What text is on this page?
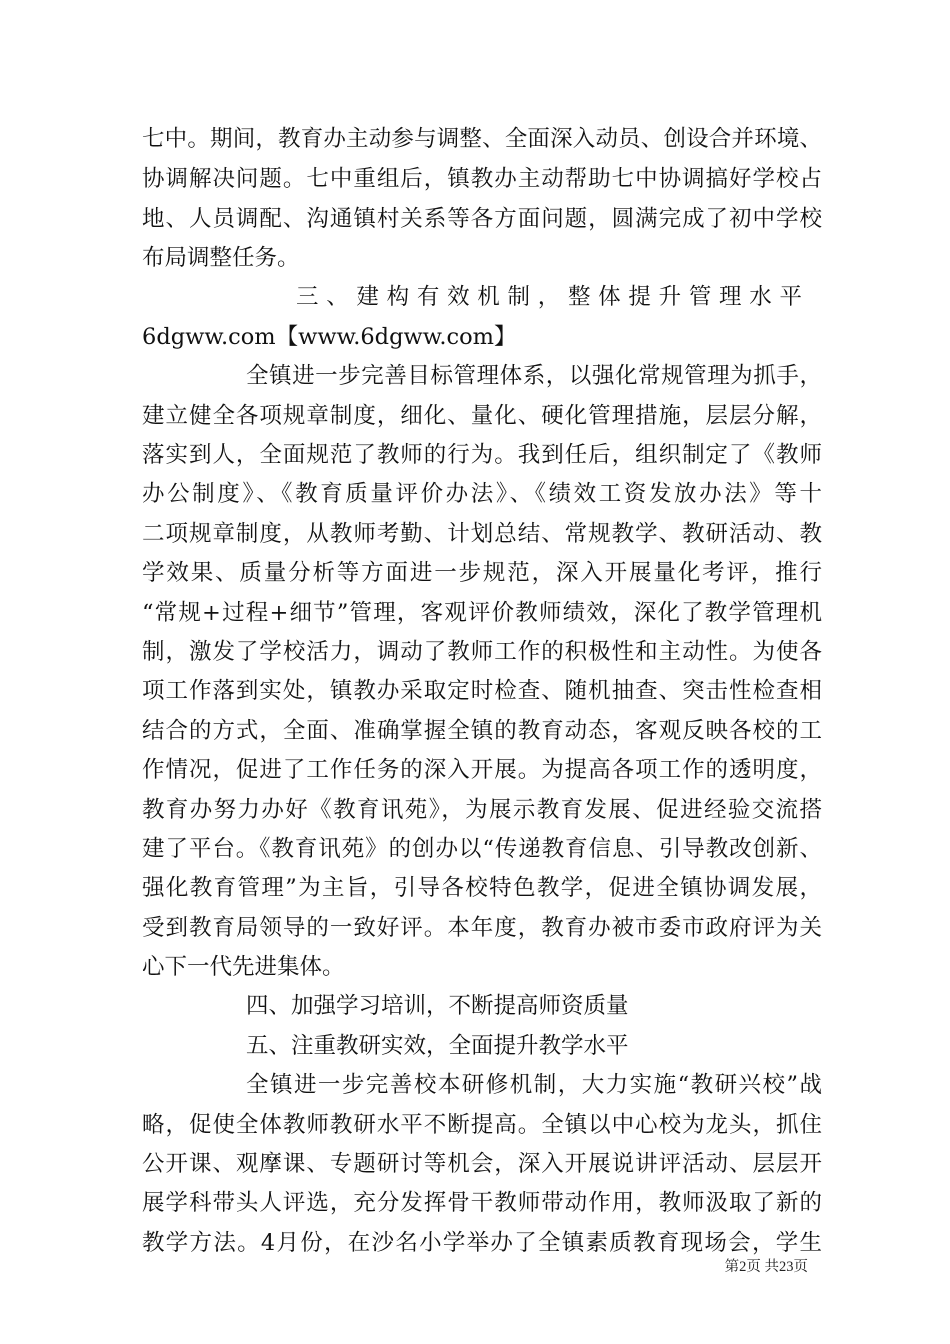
七中。期间，教育办主动参与调整、全面深入动员、创设合并环境、
协调解决问题。七中重组后，镇教办主动帮助七中协调搞好学校占
地、人员调配、沟通镇村关系等各方面问题，圆满完成了初中学校
布局调整任务。
三 、 建 构 有 效 机 制 ， 整 体 提 升 管 理 水 平
6dgww.com【www.6dgww.com】
全镇进一步完善目标管理体系，以强化常规管理为抓手，
建立健全各项规章制度，细化、量化、硬化管理措施，层层分解，
落实到人，全面规范了教师的行为。我到任后，组织制定了《教师
办公制度》、《教育质量评价办法》、《绩效工资发放办法》等十
二项规章制度，从教师考勤、计划总结、常规教学、教研活动、教
学效果、质量分析等方面进一步规范，深入开展量化考评，推行
“常规+过程+细节”管理，客观评价教师绩效，深化了教学管理机
制，激发了学校活力，调动了教师工作的积极性和主动性。为使各
项工作落到实处，镇教办采取定时检查、随机抽查、突击性检查相
结合的方式，全面、准确掌握全镇的教育动态，客观反映各校的工
作情况，促进了工作任务的深入开展。为提高各项工作的透明度，
教育办努力办好《教育讯苑》，为展示教育发展、促进经验交流搭
建了平台。《教育讯苑》的创办以“传递教育信息、引导教改创新、
强化教育管理”为主旨，引导各校特色教学，促进全镇协调发展，
受到教育局领导的一致好评。本年度，教育办被市委市政府评为关
心下一代先进集体。
四、加强学习培训，不断提高师资质量
五、注重教研实效，全面提升教学水平
全镇进一步完善校本研修机制，大力实施“教研兴校”战
略，促使全体教师教研水平不断提高。全镇以中心校为龙头，抓住
公开课、观摩课、专题研讨等机会，深入开展说讲评活动、层层开
展学科带头人评选，充分发挥骨干教师带动作用，教师汲取了新的
教学方法。4月份，在沙名小学举办了全镇素质教育现场会，学生
第2页 共23页
